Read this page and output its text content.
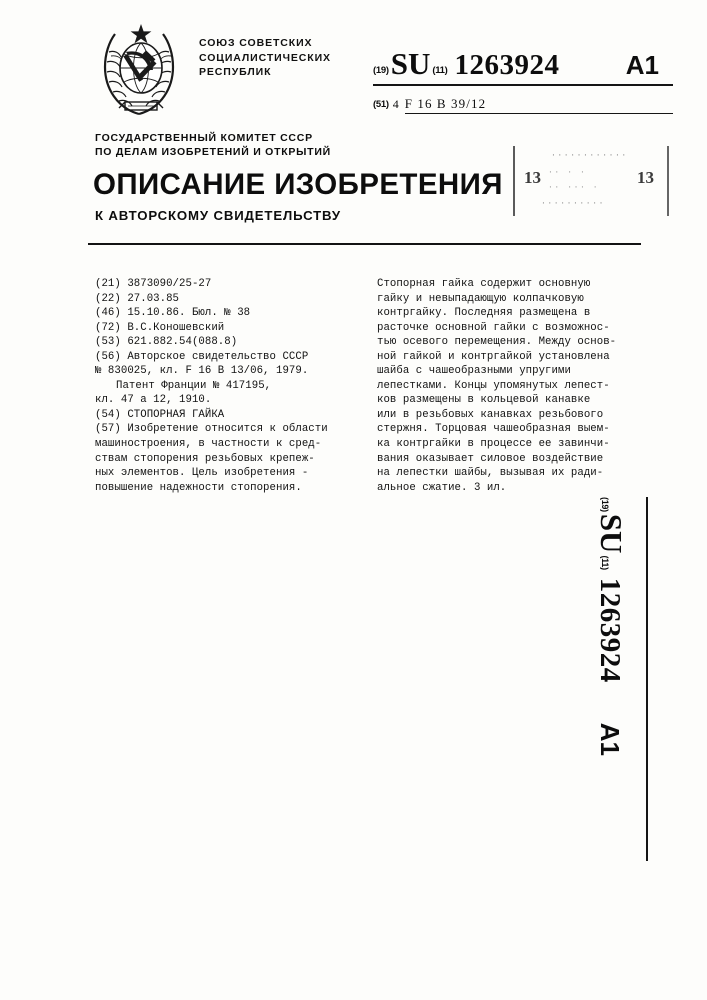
СОЮЗ СОВЕТСКИХ
СОЦИАЛИСТИЧЕСКИХ
РЕСПУБЛИК	(19) SU (11) 1263924	A1
(51) 4 F 16 B 39/12
ГОСУДАРСТВЕННЫЙ КОМИТЕТ СССР
ПО ДЕЛАМ ИЗОБРЕТЕНИЙ И ОТКРЫТИЙ
ОПИСАНИЕ ИЗОБРЕТЕНИЯ
К АВТОРСКОМУ СВИДЕТЕЛЬСТВУ
13	13
············
·· · ·
·· ··· ·
··········
(21) 3873090/25-27
(22) 27.03.85
(46) 15.10.86. Бюл. № 38
(72) В.С.Коношевский
(53) 621.882.54(088.8)
(56) Авторское свидетельство СССР
№ 830025, кл. F 16 B 13/06, 1979.
Патент Франции № 417195,
кл. 47 a 12, 1910.
(54) СТОПОРНАЯ ГАЙКА
(57) Изобретение относится к области
машиностроения, в частности к сред-
ствам стопорения резьбовых крепеж-
ных элементов. Цель изобретения -
повышение надежности стопорения.
Стопорная гайка содержит основную
гайку и невыпадающую колпачковую
контргайку. Последняя размещена в
расточке основной гайки с возможнос-
тью осевого перемещения. Между основ-
ной гайкой и контргайкой установлена
шайба с чашеобразными упругими
лепестками. Концы упомянутых лепест-
ков размещены в кольцевой канавке
или в резьбовых канавках резьбового
стержня. Торцовая чашеобразная выем-
ка контргайки в процессе ее завинчи-
вания оказывает силовое воздействие
на лепестки шайбы, вызывая их ради-
альное сжатие. 3 ил.
(19)
SU
(11)
1263924
A1
